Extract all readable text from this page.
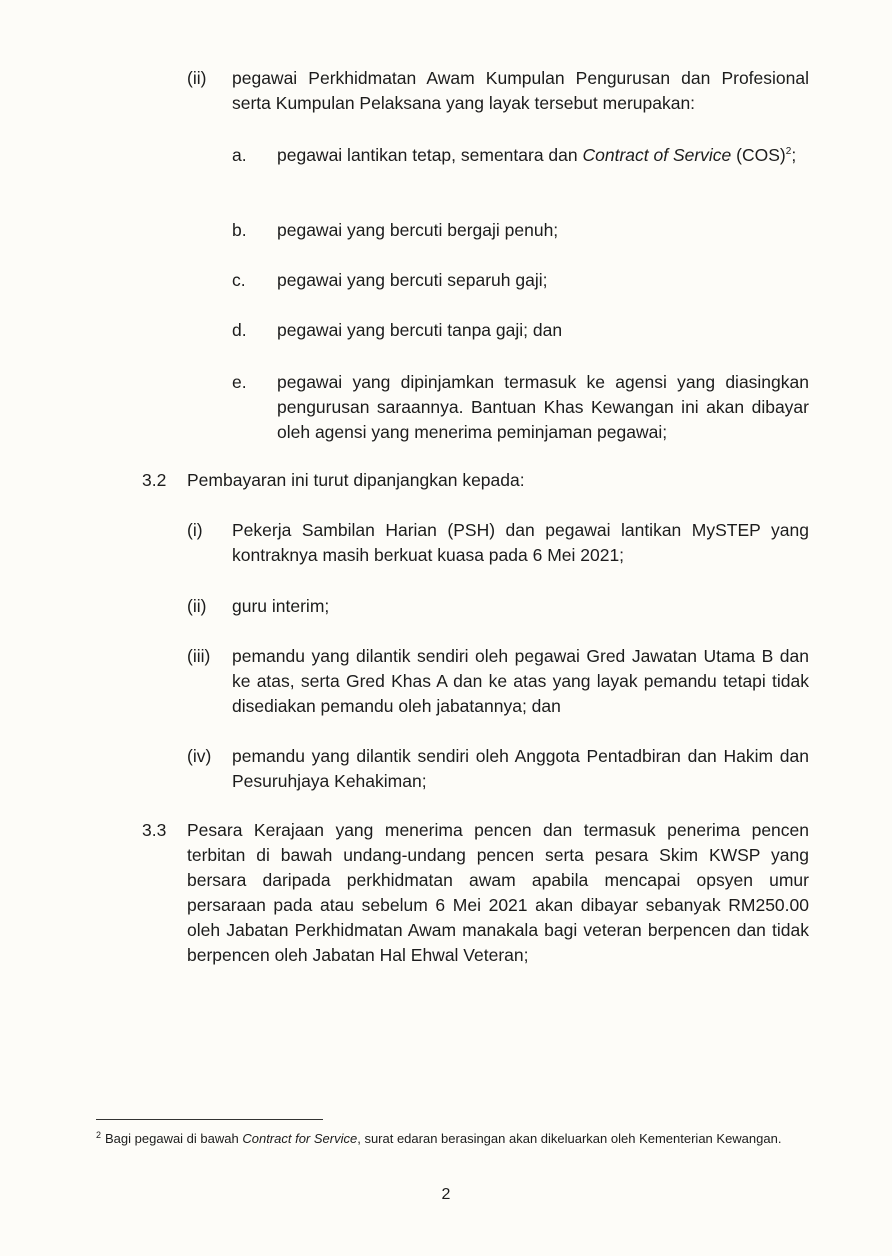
(ii) pegawai Perkhidmatan Awam Kumpulan Pengurusan dan Profesional serta Kumpulan Pelaksana yang layak tersebut merupakan:
a. pegawai lantikan tetap, sementara dan Contract of Service (COS)$^2$;
b. pegawai yang bercuti bergaji penuh;
c. pegawai yang bercuti separuh gaji;
d. pegawai yang bercuti tanpa gaji; dan
e. pegawai yang dipinjamkan termasuk ke agensi yang diasingkan pengurusan saraannya. Bantuan Khas Kewangan ini akan dibayar oleh agensi yang menerima peminjaman pegawai;
3.2 Pembayaran ini turut dipanjangkan kepada:
(i) Pekerja Sambilan Harian (PSH) dan pegawai lantikan MySTEP yang kontraknya masih berkuat kuasa pada 6 Mei 2021;
(ii) guru interim;
(iii) pemandu yang dilantik sendiri oleh pegawai Gred Jawatan Utama B dan ke atas, serta Gred Khas A dan ke atas yang layak pemandu tetapi tidak disediakan pemandu oleh jabatannya; dan
(iv) pemandu yang dilantik sendiri oleh Anggota Pentadbiran dan Hakim dan Pesuruhjaya Kehakiman;
3.3 Pesara Kerajaan yang menerima pencen dan termasuk penerima pencen terbitan di bawah undang-undang pencen serta pesara Skim KWSP yang bersara daripada perkhidmatan awam apabila mencapai opsyen umur persaraan pada atau sebelum 6 Mei 2021 akan dibayar sebanyak RM250.00 oleh Jabatan Perkhidmatan Awam manakala bagi veteran berpencen dan tidak berpencen oleh Jabatan Hal Ehwal Veteran;
$^2$ Bagi pegawai di bawah Contract for Service, surat edaran berasingan akan dikeluarkan oleh Kementerian Kewangan.
2
